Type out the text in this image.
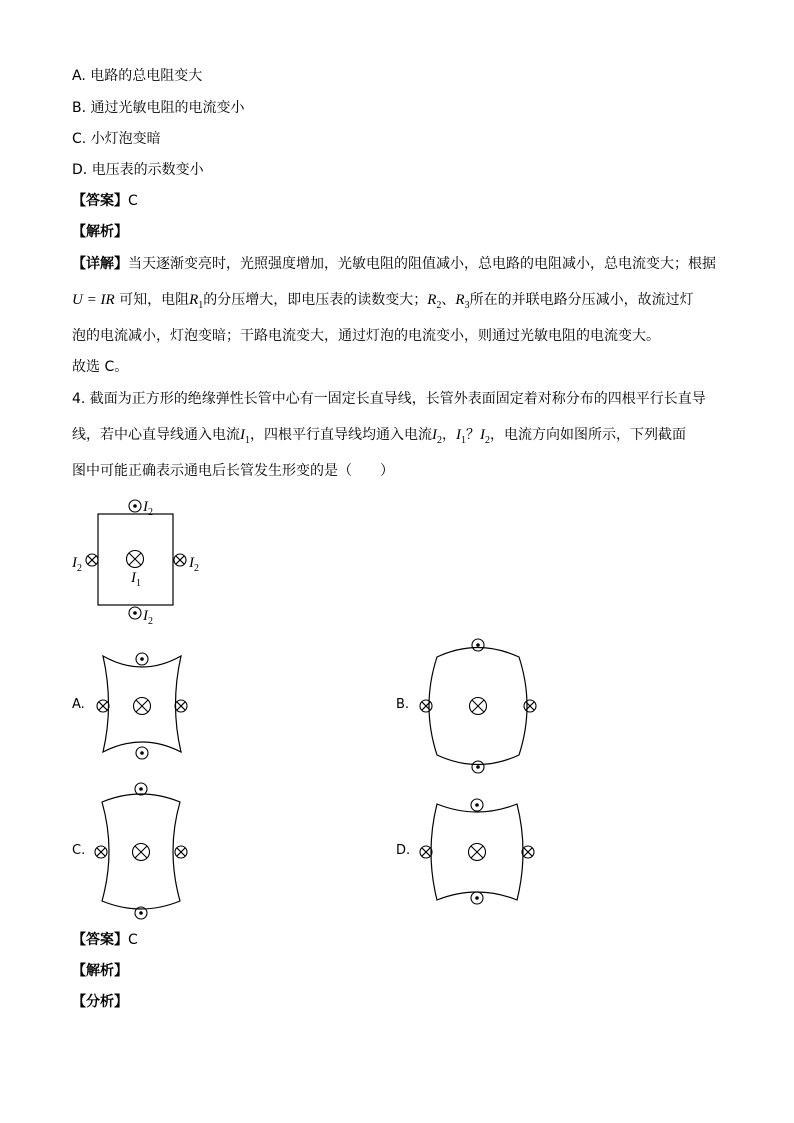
A. 电路的总电阻变大
B. 通过光敏电阻的电流变小
C. 小灯泡变暗
D. 电压表的示数变小
【答案】C
【解析】
【详解】当天逐渐变亮时，光照强度增加，光敏电阻的阻值减小，总电路的电阻减小，总电流变大；根据
U = IR 可知，电阻$R_1$的分压增大，即电压表的读数变大；$R_2$、$R_3$所在的并联电路分压减小，故流过灯
泡的电流减小，灯泡变暗；干路电流变大，通过灯泡的电流变小，则通过光敏电阻的电流变大。
故选 C。
4. 截面为正方形的绝缘弹性长管中心有一固定长直导线，长管外表面固定着对称分布的四根平行长直导
线，若中心直导线通入电流$I_1$，四根平行直导线均通入电流$I_2$，$I_1$？$I_2$，电流方向如图所示，下列截面
图中可能正确表示通电后长管发生形变的是（　　）
A.	B.
C.	D.
【答案】C
【解析】
【分析】
$I_2$
$I_2$
$I_2$	$I_2$
$I_1$
